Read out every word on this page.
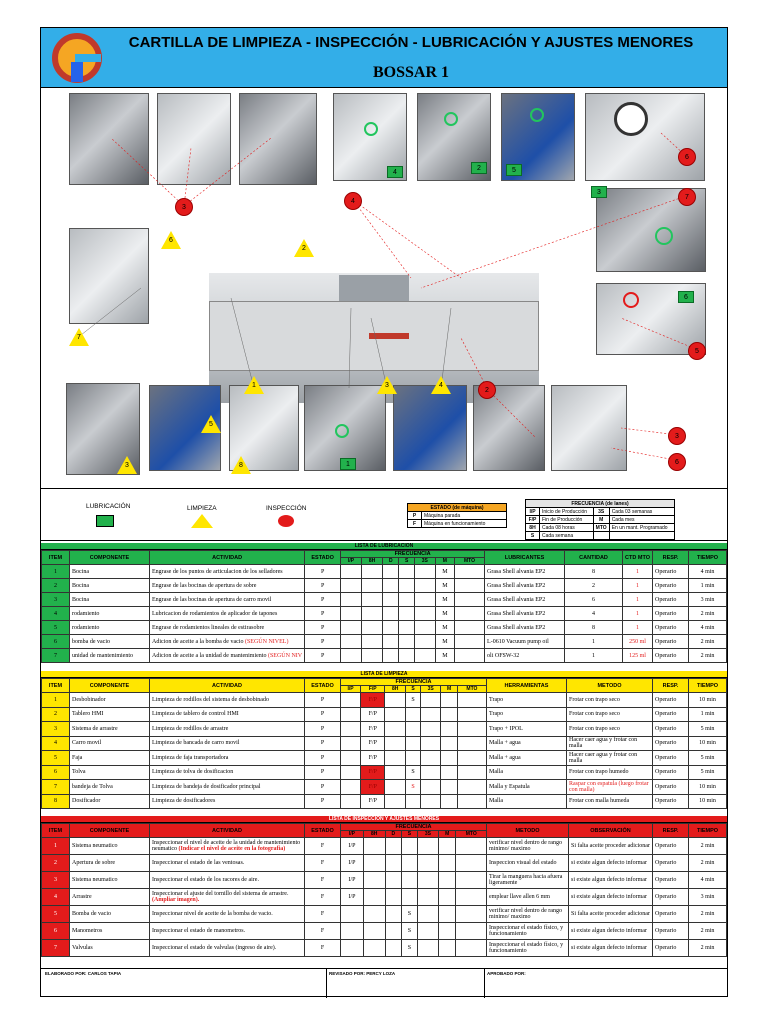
CARTILLA DE LIMPIEZA - INSPECCIÓN - LUBRICACIÓN Y AJUSTES MENORES
BOSSAR 1
3
4
6
7
5
2
3
6
4
2	5
3
6
1
2
6
7
1	3	4
5
3	8
LUBRICACIÓN	LIMPIEZA	INSPECCIÓN	ESTADO (de máquina)	
P	Máquina parada
F	Máquina en funcionamiento
FRECUENCIA (de lanes)			
I/P	Inicio de Producción	3S	Cada 03 semanas
F/P	Fin de Producción	M	Cada mes
8H	Cada 08 horas	MTO	En un mant. Programado
S	Cada semana		
LISTA DE LUBRICACION
ITEM	COMPONENTE	ACTIVIDAD	ESTADO	FRECUENCIA							LUBRICANTES	CANTIDAD	CTD MTO	RESP.	TIEMPO
				I/P	8H	D	S	3S	M	MTO					
1	Bocina	Engrase de los puntos de articulacion de los selladores	P						M		Grasa Shell alvania EP2	8	1	Operario	4 min
2	Bocina	Engrase de las bocinas de apertura de sobre	P						M		Grasa Shell alvania EP2	2	1	Operario	1 min
3	Bocina	Engrase de las bocinas de apertura de carro movil	P						M		Grasa Shell alvania EP2	6	1	Operario	3 min
4	rodamiento	Lubricacion de rodamientos de aplicador de tapones	P						M		Grasa Shell alvania EP2	4	1	Operario	2 min
5	rodamiento	Engrase de rodamientos lineales de estirasobre	P						M		Grasa Shell alvania EP2	8	1	Operario	4 min
6	bomba de vacio	Adicion de aceite a la bomba de vacio (SEGÚN NIVEL)	P						M		L-0610 Vacuum pump oil	1	250 ml	Operario	2 min
7	unidad de mantenimiento	Adicion de aceite a la unidad de mantenimiento (SEGÚN NIV	P						M		oli OFSW-32	1	125 ml	Operario	2 min
LISTA DE LIMPIEZA
ITEM	COMPONENTE	ACTIVIDAD	ESTADO	FRECUENCIA							HERRAMIENTAS	METODO	RESP.	TIEMPO
				I/P	F/P	8H	S	3S	M	MTO				
1	Desbobinador	Limpieza de rodillos del sistema de desbobinado	P		F/P		S				Trapo	Frotar con trapo seco	Operario	10 min
2	Tablero HMI	Limpieza de tablero de control HMI	P		F/P						Trapo	Frotar con trapo seco	Operario	1 min
3	Sistema de arrastre	Limpieza de rodillos de arrastre	P		F/P						Trapo + IPOL	Frotar con trapo seco	Operario	5 min
4	Carro movil	Limpieza de bancada de carro movil	P		F/P						Malla + agua	Hacer caer agua y frotar con malla	Operario	10 min
5	Faja	Limpieza de faja transportadora	P		F/P						Malla + agua	Hacer caer agua y frotar con malla	Operario	5 min
6	Tolva	Limpieza de tolva de dosificacion	P		F/P		S				Malla	Frotar con trapo humedo	Operario	5 min
7	bandeja de Tolva	Limpieza de bandeja de dosificador principal	P		F/P		S				Malla y Espatula	Raspar con espatula (luego frotar con malla)	Operario	10 min
8	Dosificador	Limpieza de dosificadores	P		F/P						Malla	Frotar con malla humeda	Operario	10 min
LISTA DE INSPECCION Y AJUSTES MENORES
ITEM	COMPONENTE	ACTIVIDAD	ESTADO	FRECUENCIA							METODO	OBSERVACIÓN	RESP.	TIEMPO
				I/P	8H	D	S	3S	M	MTO				
1	Sistema neumatico	Inspeccionar el nivel de aceite de la unidad de mantenimiento neumatico (Indicar el nivel de aceite en la fotografia)	F	I/P							verificar nivel dentro de rango minimo/ maximo	Si falta aceite proceder adicionar	Operario	2 min
2	Apertura de sobre	Inspeccionar el estado de las ventosas.	F	I/P							Inspeccion visual del estado	si existe algun defecto informar	Operario	2 min
3	Sistema neumatico	Inspeccionar el estado de los racores de aire.	F	I/P							Tirar la manguera hacia afuera ligeramente	si existe algun defecto informar	Operario	4 min
4	Arrastre	Inspeccionar el ajuste del tornillo del sistema de arrastre. (Ampliar imagen).	F	I/P							emplear llave allen 6 mm	si existe algun defecto informar	Operario	3 min
5	Bomba de vacio	Inspeccionar nivel de aceite de la bomba de vacio.	F				S				verificar nivel dentro de rango minimo/ maximo	Si falta aceite proceder adicionar	Operario	2 min
6	Manometros	Inspeccionar el estado de manometros.	F				S				Inspeccionar el estado físico, y funcionamiento	si existe algun defecto informar	Operario	2 min
7	Valvulas	Inspeccionar el estado de valvulas (ingreso de aire).	F				S				Inspeccionar el estado físico, y funcionamiento	si existe algun defecto informar	Operario	2 min
ELABORADO POR: CARLOS TAPIA	REVISADO POR: PERCY LOZA	APROBADO POR:
